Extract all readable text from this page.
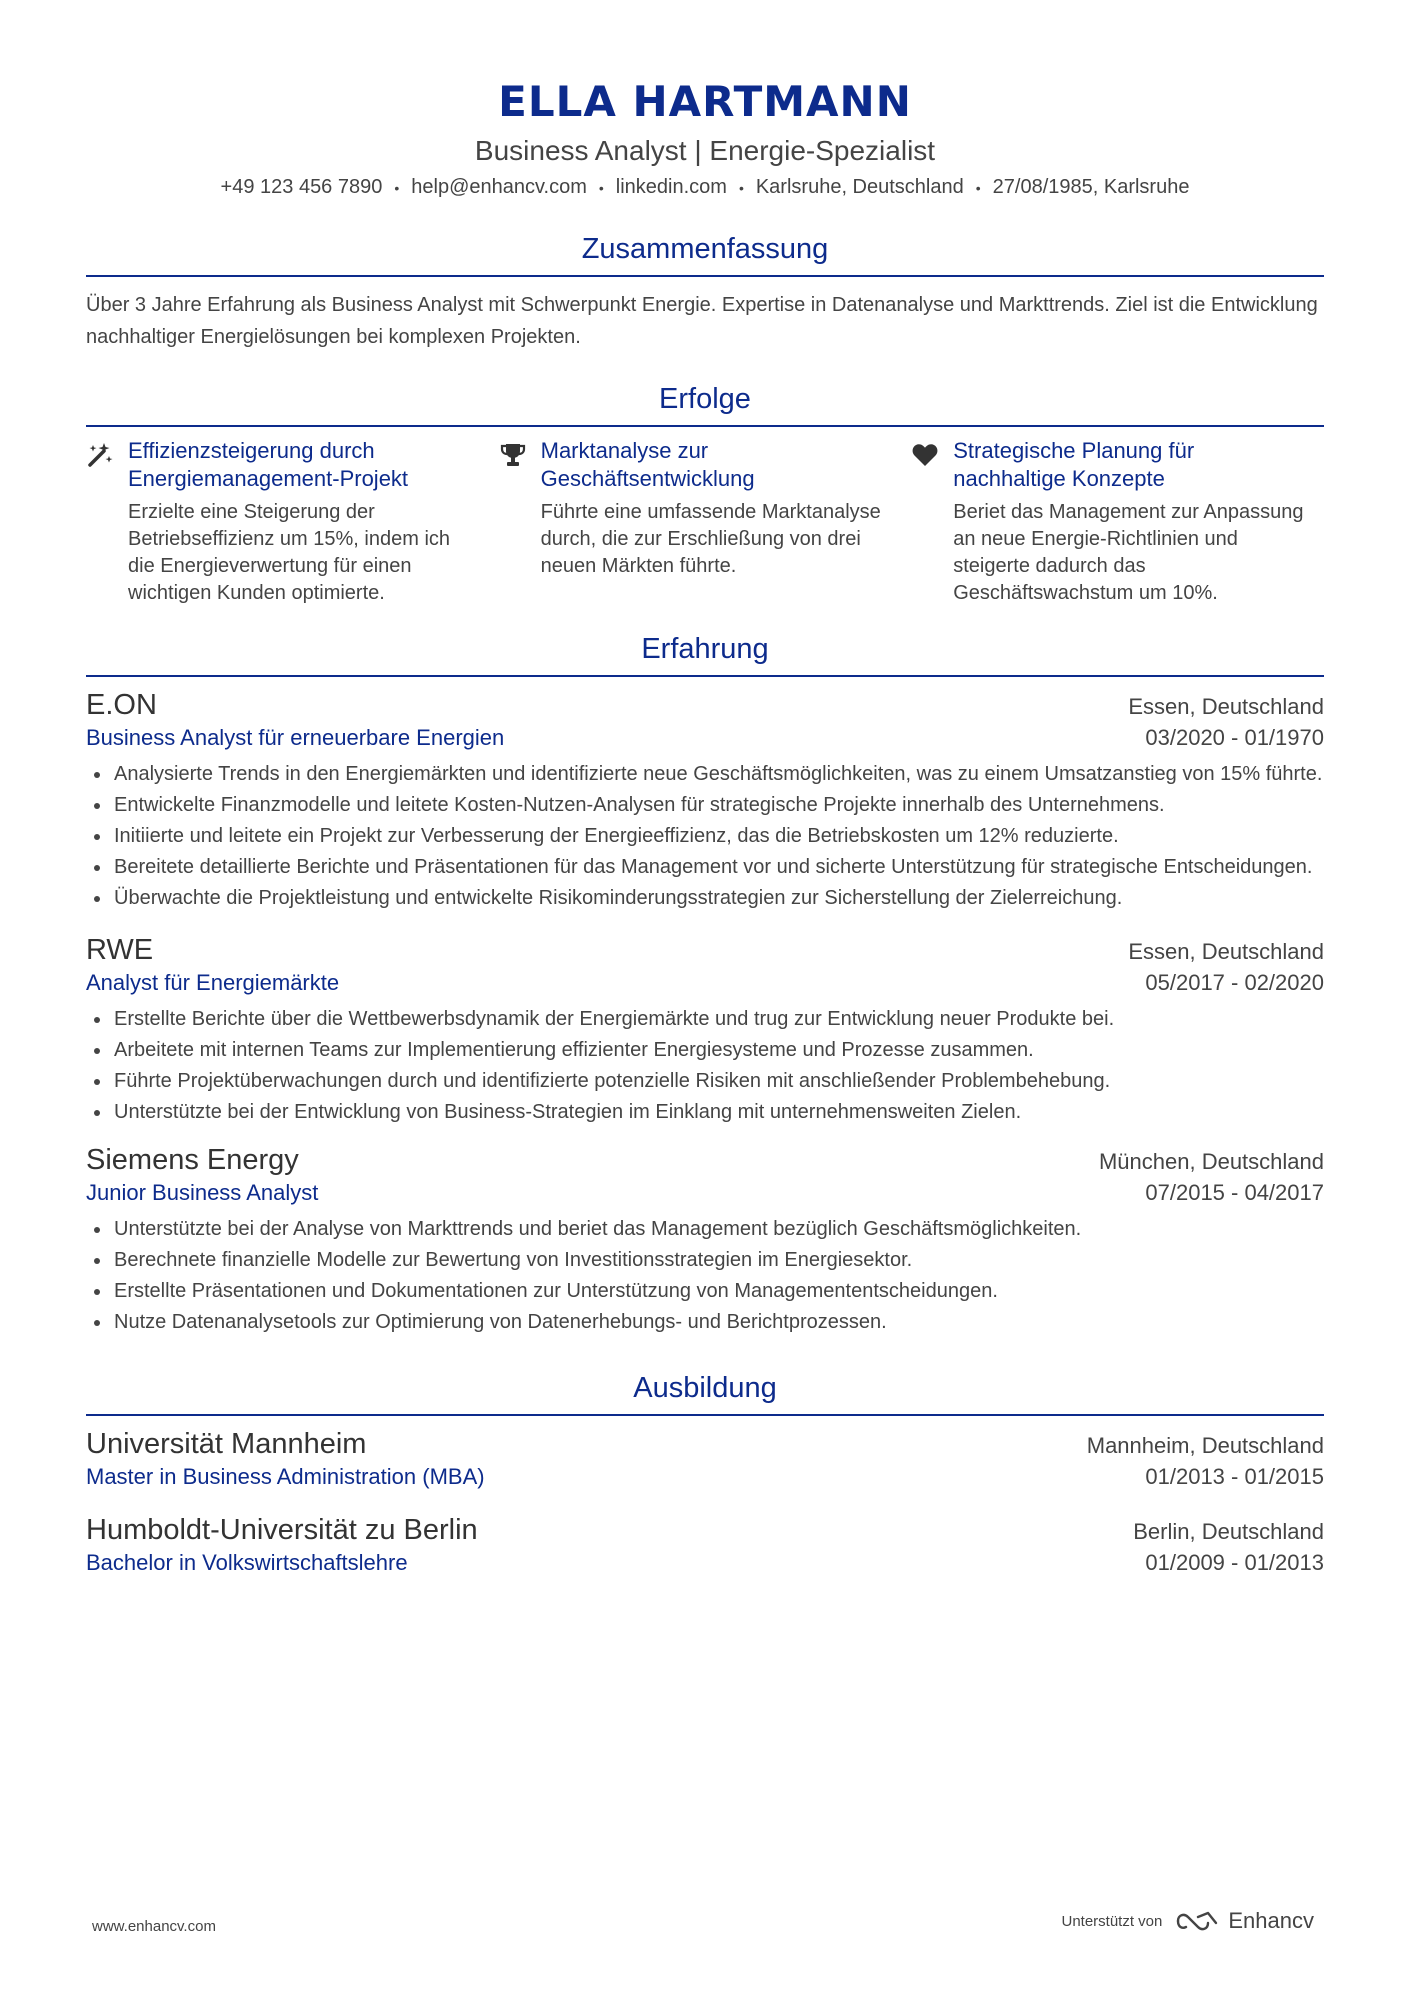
ELLA HARTMANN
Business Analyst | Energie-Spezialist
+49 123 456 7890 • help@enhancv.com • linkedin.com • Karlsruhe, Deutschland • 27/08/1985, Karlsruhe
Zusammenfassung
Über 3 Jahre Erfahrung als Business Analyst mit Schwerpunkt Energie. Expertise in Datenanalyse und Markttrends. Ziel ist die Entwicklung nachhaltiger Energielösungen bei komplexen Projekten.
Erfolge
Effizienzsteigerung durch Energiemanagement-Projekt
Erzielte eine Steigerung der Betriebseffizienz um 15%, indem ich die Energieverwertung für einen wichtigen Kunden optimierte.
Marktanalyse zur Geschäftsentwicklung
Führte eine umfassende Marktanalyse durch, die zur Erschließung von drei neuen Märkten führte.
Strategische Planung für nachhaltige Konzepte
Beriet das Management zur Anpassung an neue Energie-Richtlinien und steigerte dadurch das Geschäftswachstum um 10%.
Erfahrung
E.ON	Essen, Deutschland
Business Analyst für erneuerbare Energien	03/2020 - 01/1970
Analysierte Trends in den Energiemärkten und identifizierte neue Geschäftsmöglichkeiten, was zu einem Umsatzanstieg von 15% führte.
Entwickelte Finanzmodelle und leitete Kosten-Nutzen-Analysen für strategische Projekte innerhalb des Unternehmens.
Initiierte und leitete ein Projekt zur Verbesserung der Energieeffizienz, das die Betriebskosten um 12% reduzierte.
Bereitete detaillierte Berichte und Präsentationen für das Management vor und sicherte Unterstützung für strategische Entscheidungen.
Überwachte die Projektleistung und entwickelte Risikominderungsstrategien zur Sicherstellung der Zielerreichung.
RWE	Essen, Deutschland
Analyst für Energiemärkte	05/2017 - 02/2020
Erstellte Berichte über die Wettbewerbsdynamik der Energiemärkte und trug zur Entwicklung neuer Produkte bei.
Arbeitete mit internen Teams zur Implementierung effizienter Energiesysteme und Prozesse zusammen.
Führte Projektüberwachungen durch und identifizierte potenzielle Risiken mit anschließender Problembehebung.
Unterstützte bei der Entwicklung von Business-Strategien im Einklang mit unternehmensweiten Zielen.
Siemens Energy	München, Deutschland
Junior Business Analyst	07/2015 - 04/2017
Unterstützte bei der Analyse von Markttrends und beriet das Management bezüglich Geschäftsmöglichkeiten.
Berechnete finanzielle Modelle zur Bewertung von Investitionsstrategien im Energiesektor.
Erstellte Präsentationen und Dokumentationen zur Unterstützung von Managemententscheidungen.
Nutze Datenanalysetools zur Optimierung von Datenerhebungs- und Berichtprozessen.
Ausbildung
Universität Mannheim	Mannheim, Deutschland
Master in Business Administration (MBA)	01/2013 - 01/2015
Humboldt-Universität zu Berlin	Berlin, Deutschland
Bachelor in Volkswirtschaftslehre	01/2009 - 01/2013
www.enhancv.com	Unterstützt von	Enhancv
